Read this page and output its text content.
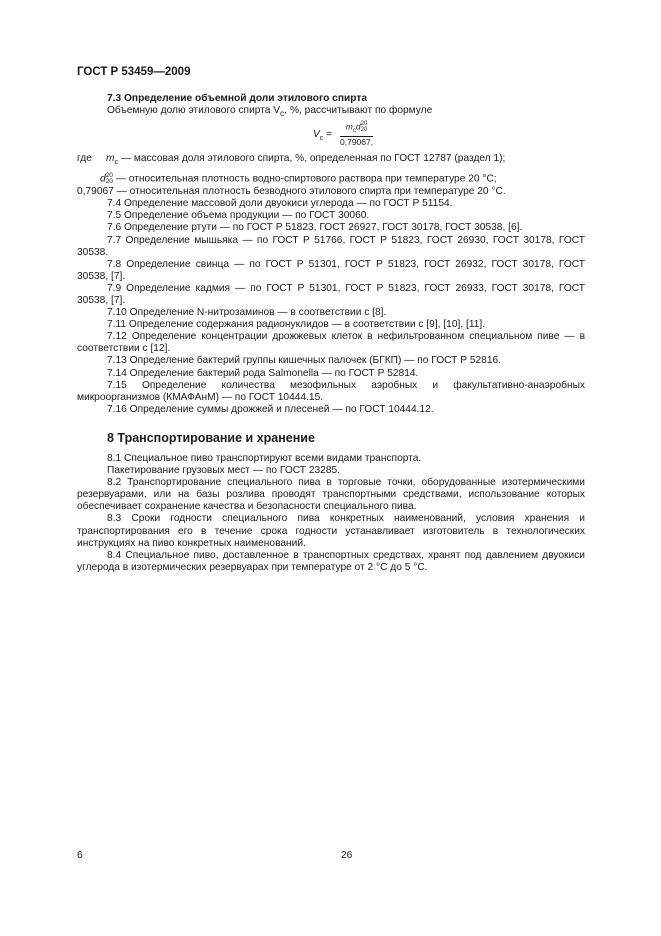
ГОСТ Р 53459—2009

7.3 Определение объемной доли этилового спирта

Объемную долю этилового спирта $V_с$, %, рассчитывают по формуле

$V_с$ =
$m_сd$ 20
20
0,79067,

где $m_с$ — массовая доля этилового спирта, %, определенная по ГОСТ 12787 (раздел 1);

d 20
20 — относительная плотность водно-спиртового раствора при температуре 20 °С;

0,79067 — относительная плотность безводного этилового спирта при температуре 20 °С.

7.4 Определение массовой доли двуокиси углерода — по ГОСТ Р 51154.

7.5 Определение объема продукции — по ГОСТ 30060.

7.6 Определение ртути — по ГОСТ Р 51823, ГОСТ 26927, ГОСТ 30178, ГОСТ 30538, [6].

7.7 Определение мышьяка — по ГОСТ Р 51766, ГОСТ Р 51823, ГОСТ 26930, ГОСТ 30178, ГОСТ 30538.

7.8 Определение свинца — по ГОСТ Р 51301, ГОСТ Р 51823, ГОСТ 26932, ГОСТ 30178, ГОСТ 30538, [7].

7.9 Определение кадмия — по ГОСТ Р 51301, ГОСТ Р 51823, ГОСТ 26933, ГОСТ 30178, ГОСТ 30538, [7].

7.10 Определение N-нитрозаминов — в соответствии с [8].

7.11 Определение содержания радионуклидов — в соответствии с [9], [10], [11].

7.12 Определение концентрации дрожжевых клеток в нефильтрованном специальном пиве — в соответствии с [12].

7.13 Определение бактерий группы кишечных палочек (БГКП) — по ГОСТ Р 52816.

7.14 Определение бактерий рода Salmonella — по ГОСТ Р 52814.

7.15 Определение количества мезофильных аэробных и факультативно-анаэробных микроорганизмов (КМАФАнМ) — по ГОСТ 10444.15.

7.16 Определение суммы дрожжей и плесеней — по ГОСТ 10444.12.

8 Транспортирование и хранение

8.1 Специальное пиво транспортируют всеми видами транспорта.

Пакетирование грузовых мест — по ГОСТ 23285.

8.2 Транспортирование специального пива в торговые точки, оборудованные изотермическими резервуарами, или на базы розлива проводят транспортными средствами, использование которых обеспечивает сохранение качества и безопасности специального пива.

8.3 Сроки годности специального пива конкретных наименований, условия хранения и транспортирования его в течение срока годности устанавливает изготовитель в технологических инструкциях на пиво конкретных наименований.

8.4 Специальное пиво, доставленное в транспортных средствах, хранят под давлением двуокиси углерода в изотермических резервуарах при температуре от 2 °С до 5 °С.

6	26
